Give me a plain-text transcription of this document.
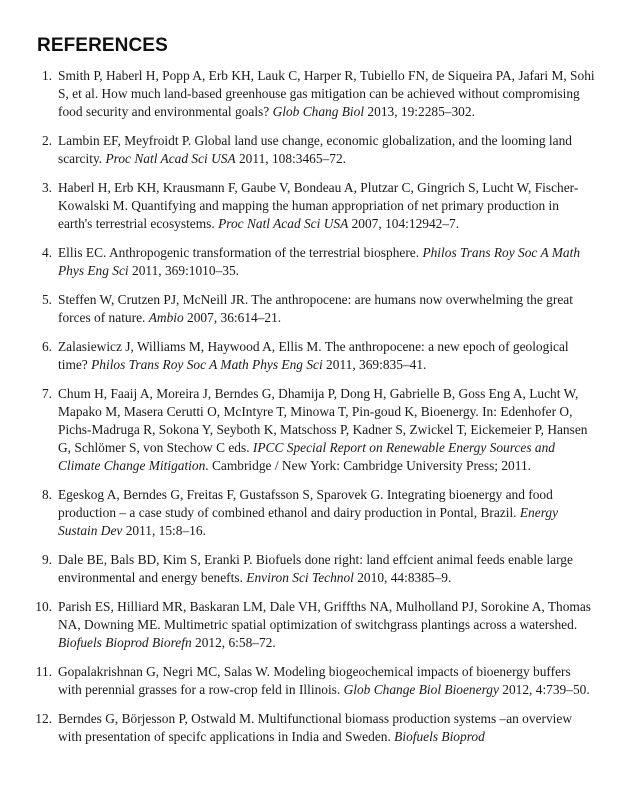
REFERENCES
1. Smith P, Haberl H, Popp A, Erb KH, Lauk C, Harper R, Tubiello FN, de Siqueira PA, Jafari M, Sohi S, et al. How much land-based greenhouse gas mitigation can be achieved without compromising food security and environmental goals? Glob Chang Biol 2013, 19:2285–302.
2. Lambin EF, Meyfroidt P. Global land use change, economic globalization, and the looming land scarcity. Proc Natl Acad Sci USA 2011, 108:3465–72.
3. Haberl H, Erb KH, Krausmann F, Gaube V, Bondeau A, Plutzar C, Gingrich S, Lucht W, Fischer-Kowalski M. Quantifying and mapping the human appropriation of net primary production in earth's terrestrial ecosystems. Proc Natl Acad Sci USA 2007, 104:12942–7.
4. Ellis EC. Anthropogenic transformation of the terrestrial biosphere. Philos Trans Roy Soc A Math Phys Eng Sci 2011, 369:1010–35.
5. Steffen W, Crutzen PJ, McNeill JR. The anthropocene: are humans now overwhelming the great forces of nature. Ambio 2007, 36:614–21.
6. Zalasiewicz J, Williams M, Haywood A, Ellis M. The anthropocene: a new epoch of geological time? Philos Trans Roy Soc A Math Phys Eng Sci 2011, 369:835–41.
7. Chum H, Faaij A, Moreira J, Berndes G, Dhamija P, Dong H, Gabrielle B, Goss Eng A, Lucht W, Mapako M, Masera Cerutti O, McIntyre T, Minowa T, Pin-goud K, Bioenergy. In: Edenhofer O, Pichs-Madruga R, Sokona Y, Seyboth K, Matschoss P, Kadner S, Zwickel T, Eickemeier P, Hansen G, Schlömer S, von Stechow C eds. IPCC Special Report on Renewable Energy Sources and Climate Change Mitigation. Cambridge / New York: Cambridge University Press; 2011.
8. Egeskog A, Berndes G, Freitas F, Gustafsson S, Sparovek G. Integrating bioenergy and food production – a case study of combined ethanol and dairy production in Pontal, Brazil. Energy Sustain Dev 2011, 15:8–16.
9. Dale BE, Bals BD, Kim S, Eranki P. Biofuels done right: land effcient animal feeds enable large environmental and energy benefts. Environ Sci Technol 2010, 44:8385–9.
10. Parish ES, Hilliard MR, Baskaran LM, Dale VH, Griffths NA, Mulholland PJ, Sorokine A, Thomas NA, Downing ME. Multimetric spatial optimization of switchgrass plantings across a watershed. Biofuels Bioprod Biorefn 2012, 6:58–72.
11. Gopalakrishnan G, Negri MC, Salas W. Modeling biogeochemical impacts of bioenergy buffers with perennial grasses for a row-crop feld in Illinois. Glob Change Biol Bioenergy 2012, 4:739–50.
12. Berndes G, Börjesson P, Ostwald M. Multifunctional biomass production systems –an overview with presentation of specifc applications in India and Sweden. Biofuels Bioprod
